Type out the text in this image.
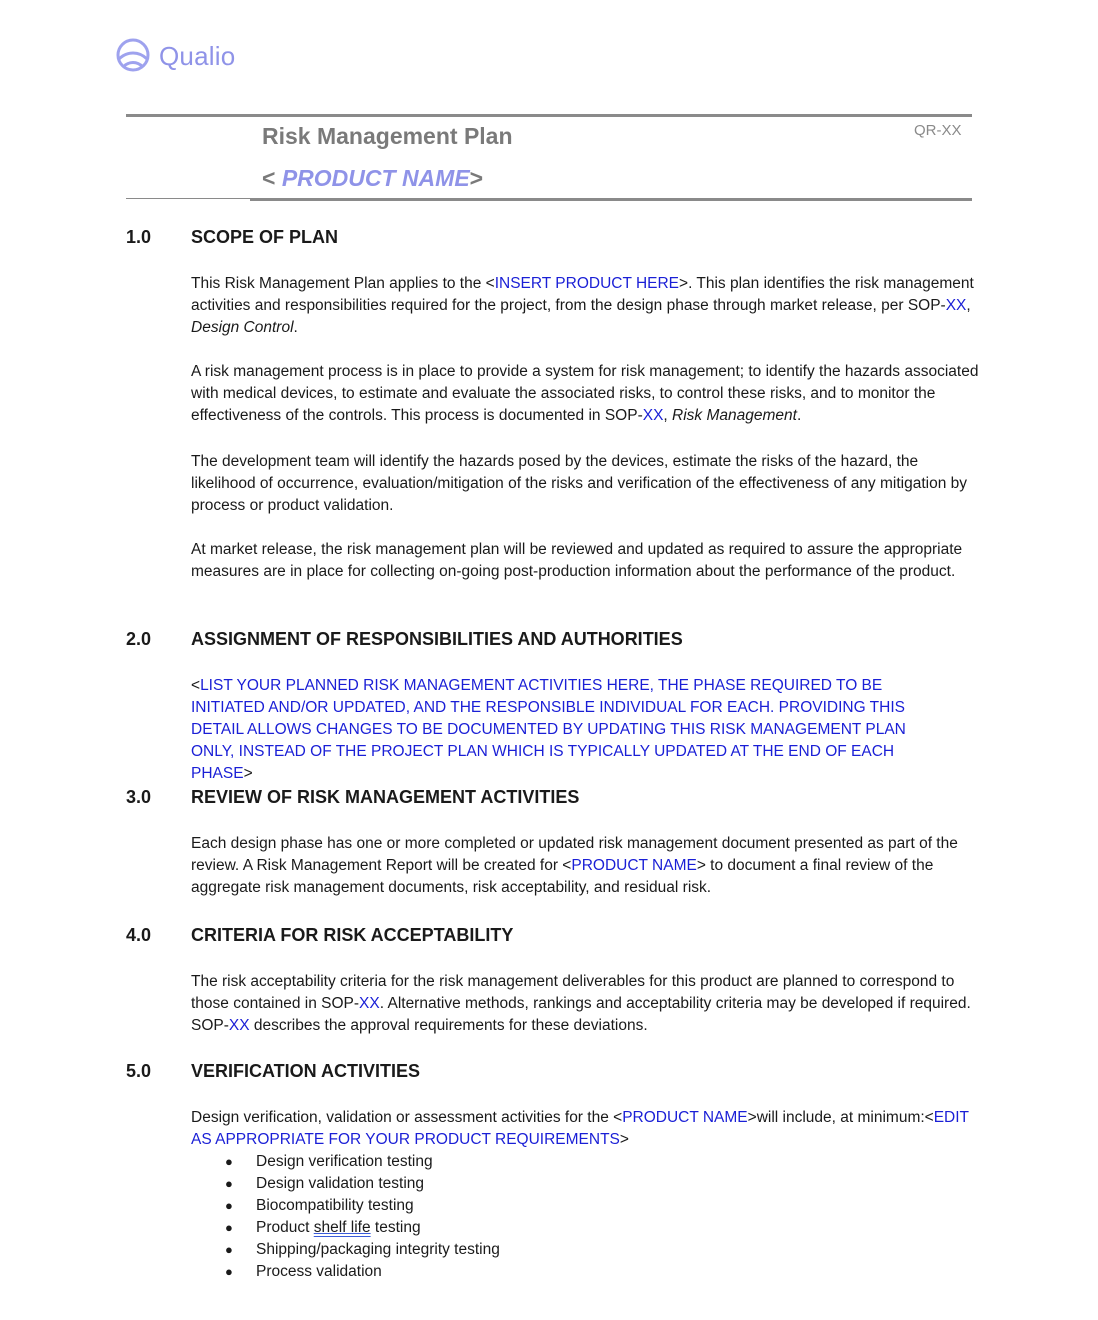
Qualio
Risk Management Plan	QR-XX
< PRODUCT NAME>
1.0 SCOPE OF PLAN
This Risk Management Plan applies to the <INSERT PRODUCT HERE>. This plan identifies the risk management activities and responsibilities required for the project, from the design phase through market release, per SOP-XX, Design Control.
A risk management process is in place to provide a system for risk management; to identify the hazards associated with medical devices, to estimate and evaluate the associated risks, to control these risks, and to monitor the effectiveness of the controls. This process is documented in SOP-XX, Risk Management.
The development team will identify the hazards posed by the devices, estimate the risks of the hazard, the likelihood of occurrence, evaluation/mitigation of the risks and verification of the effectiveness of any mitigation by process or product validation.
At market release, the risk management plan will be reviewed and updated as required to assure the appropriate measures are in place for collecting on-going post-production information about the performance of the product.
2.0 ASSIGNMENT OF RESPONSIBILITIES AND AUTHORITIES
<LIST YOUR PLANNED RISK MANAGEMENT ACTIVITIES HERE, THE PHASE REQUIRED TO BE INITIATED AND/OR UPDATED, AND THE RESPONSIBLE INDIVIDUAL FOR EACH. PROVIDING THIS DETAIL ALLOWS CHANGES TO BE DOCUMENTED BY UPDATING THIS RISK MANAGEMENT PLAN ONLY, INSTEAD OF THE PROJECT PLAN WHICH IS TYPICALLY UPDATED AT THE END OF EACH PHASE>
3.0 REVIEW OF RISK MANAGEMENT ACTIVITIES
Each design phase has one or more completed or updated risk management document presented as part of the review. A Risk Management Report will be created for <PRODUCT NAME> to document a final review of the aggregate risk management documents, risk acceptability, and residual risk.
4.0 CRITERIA FOR RISK ACCEPTABILITY
The risk acceptability criteria for the risk management deliverables for this product are planned to correspond to those contained in SOP-XX. Alternative methods, rankings and acceptability criteria may be developed if required. SOP-XX describes the approval requirements for these deviations.
5.0 VERIFICATION ACTIVITIES
Design verification, validation or assessment activities for the <PRODUCT NAME>will include, at minimum:<EDIT AS APPROPRIATE FOR YOUR PRODUCT REQUIREMENTS>
●	Design verification testing
●	Design validation testing
●	Biocompatibility testing
●	Product shelf life testing
●	Shipping/packaging integrity testing
●	Process validation
